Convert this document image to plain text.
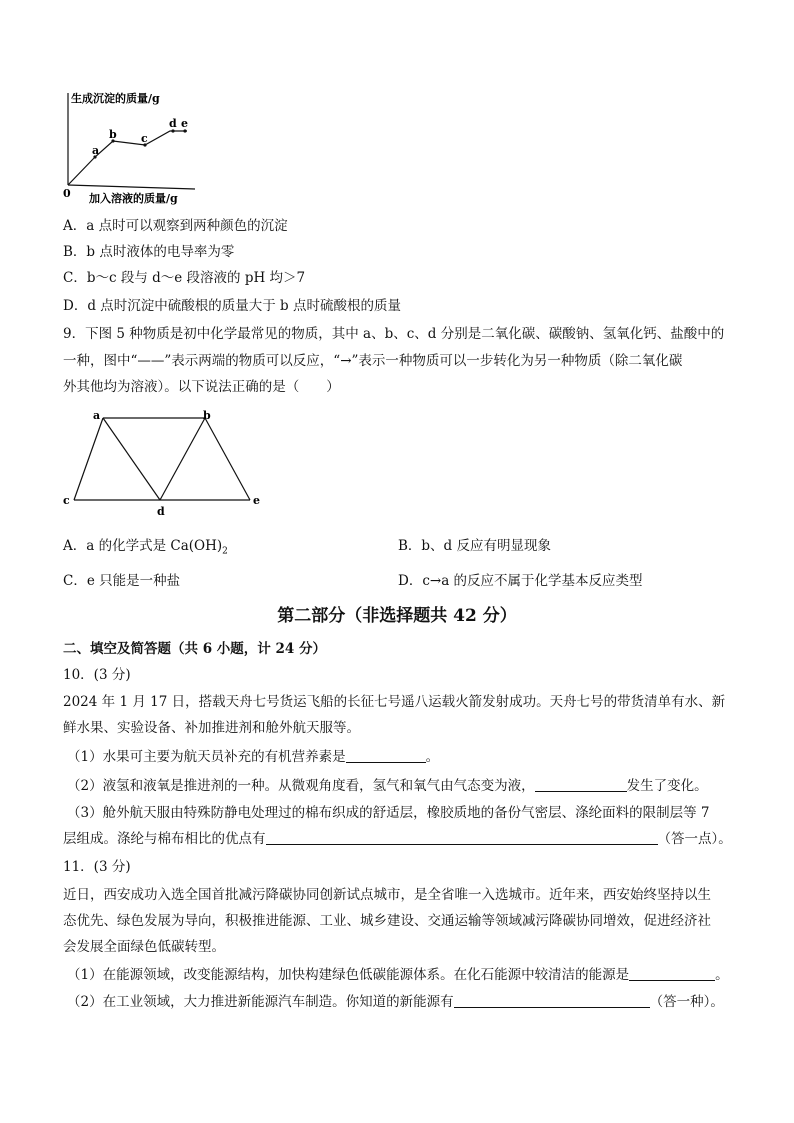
生成沉淀的质量/g
加入溶液的质量/g
0
a
b c
d e
A．a 点时可以观察到两种颜色的沉淀
B．b 点时液体的电导率为零
C．b～c 段与 d～e 段溶液的 pH 均＞7
D．d 点时沉淀中硫酸根的质量大于 b 点时硫酸根的质量
9．下图 5 种物质是初中化学最常见的物质，其中 a、b、c、d 分别是二氧化碳、碳酸钠、氢氧化钙、盐酸中的
一种，图中“——”表示两端的物质可以反应，“→”表示一种物质可以一步转化为另一种物质（除二氧化碳
外其他均为溶液）。以下说法正确的是（　　）
a	b
c
d
e
A．a 的化学式是 $Ca(OH)_2$	B．b、d 反应有明显现象
C．e 只能是一种盐	D．c→a 的反应不属于化学基本反应类型
第二部分（非选择题共 42 分）
二、填空及简答题（共 6 小题，计 24 分）
10．(3 分)
2024 年 1 月 17 日，搭载天舟七号货运飞船的长征七号遥八运载火箭发射成功。天舟七号的带货清单有水、新
鲜水果、实验设备、补加推进剂和舱外航天服等。
（1）水果可主要为航天员补充的有机营养素是	。
（2）液氢和液氧是推进剂的一种。从微观角度看，氢气和氧气由气态变为液，	发生了变化。
（3）舱外航天服由特殊防静电处理过的棉布织成的舒适层，橡胶质地的备份气密层、涤纶面料的限制层等 7
层组成。涤纶与棉布相比的优点有	（答一点）。
11．(3 分)
近日，西安成功入选全国首批减污降碳协同创新试点城市，是全省唯一入选城市。近年来，西安始终坚持以生
态优先、绿色发展为导向，积极推进能源、工业、城乡建设、交通运输等领域减污降碳协同增效，促进经济社
会发展全面绿色低碳转型。
（1）在能源领域，改变能源结构，加快构建绿色低碳能源体系。在化石能源中较清洁的能源是	。
（2）在工业领域，大力推进新能源汽车制造。你知道的新能源有	（答一种）。
